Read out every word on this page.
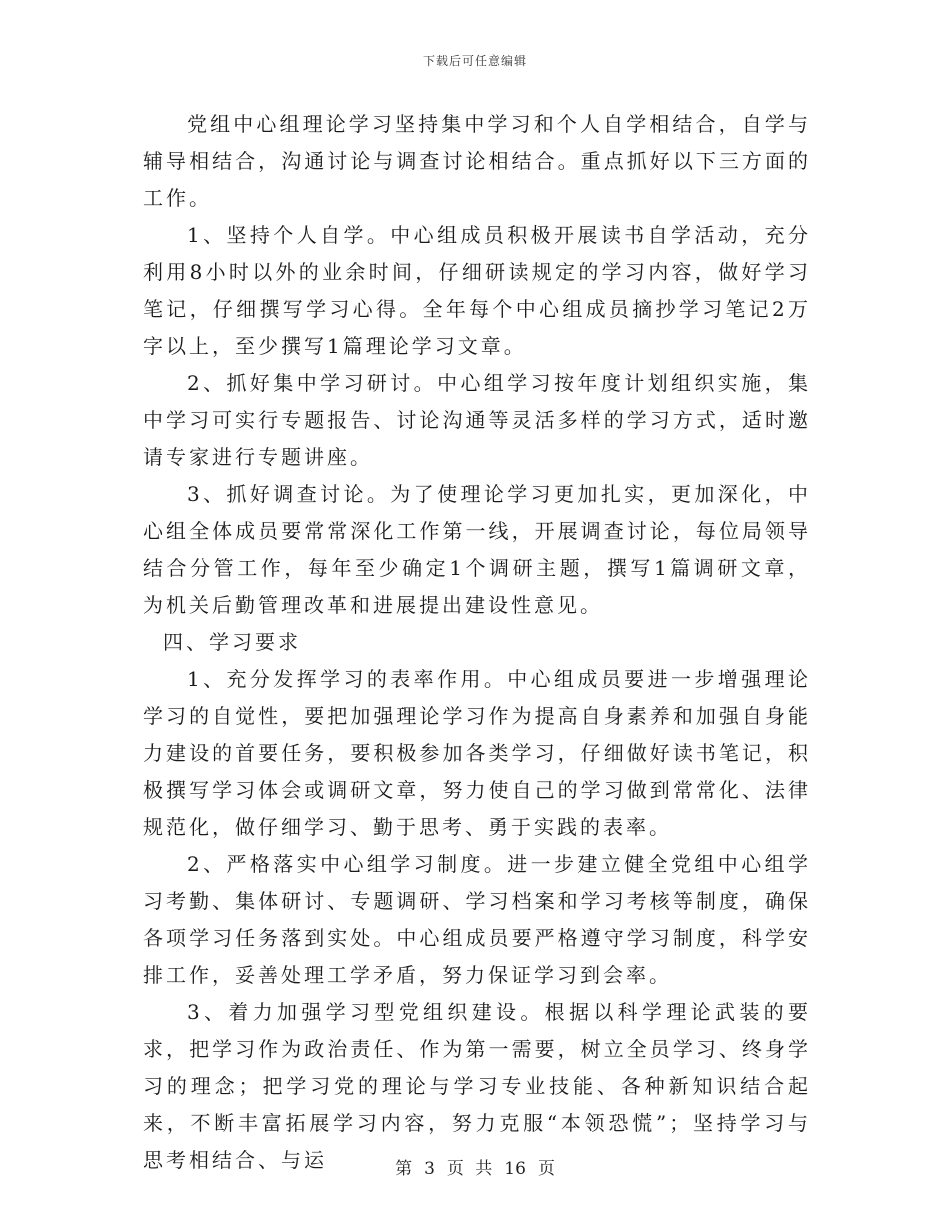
下载后可任意编辑

党组中心组理论学习坚持集中学习和个人自学相结合，自学与辅导相结合，沟通讨论与调查讨论相结合。重点抓好以下三方面的工作。

1、坚持个人自学。中心组成员积极开展读书自学活动，充分利用8小时以外的业余时间，仔细研读规定的学习内容，做好学习笔记，仔细撰写学习心得。全年每个中心组成员摘抄学习笔记2万字以上，至少撰写1篇理论学习文章。

2、抓好集中学习研讨。中心组学习按年度计划组织实施，集中学习可实行专题报告、讨论沟通等灵活多样的学习方式，适时邀请专家进行专题讲座。

3、抓好调查讨论。为了使理论学习更加扎实，更加深化，中心组全体成员要常常深化工作第一线，开展调查讨论，每位局领导结合分管工作，每年至少确定1个调研主题，撰写1篇调研文章，为机关后勤管理改革和进展提出建设性意见。

四、学习要求

1、充分发挥学习的表率作用。中心组成员要进一步增强理论学习的自觉性，要把加强理论学习作为提高自身素养和加强自身能力建设的首要任务，要积极参加各类学习，仔细做好读书笔记，积极撰写学习体会或调研文章，努力使自己的学习做到常常化、法律规范化，做仔细学习、勤于思考、勇于实践的表率。

2、严格落实中心组学习制度。进一步建立健全党组中心组学习考勤、集体研讨、专题调研、学习档案和学习考核等制度，确保各项学习任务落到实处。中心组成员要严格遵守学习制度，科学安排工作，妥善处理工学矛盾，努力保证学习到会率。

3、着力加强学习型党组织建设。根据以科学理论武装的要求，把学习作为政治责任、作为第一需要，树立全员学习、终身学习的理念；把学习党的理论与学习专业技能、各种新知识结合起来，不断丰富拓展学习内容，努力克服“本领恐慌”；坚持学习与思考相结合、与运	第 3 页 共 16 页
